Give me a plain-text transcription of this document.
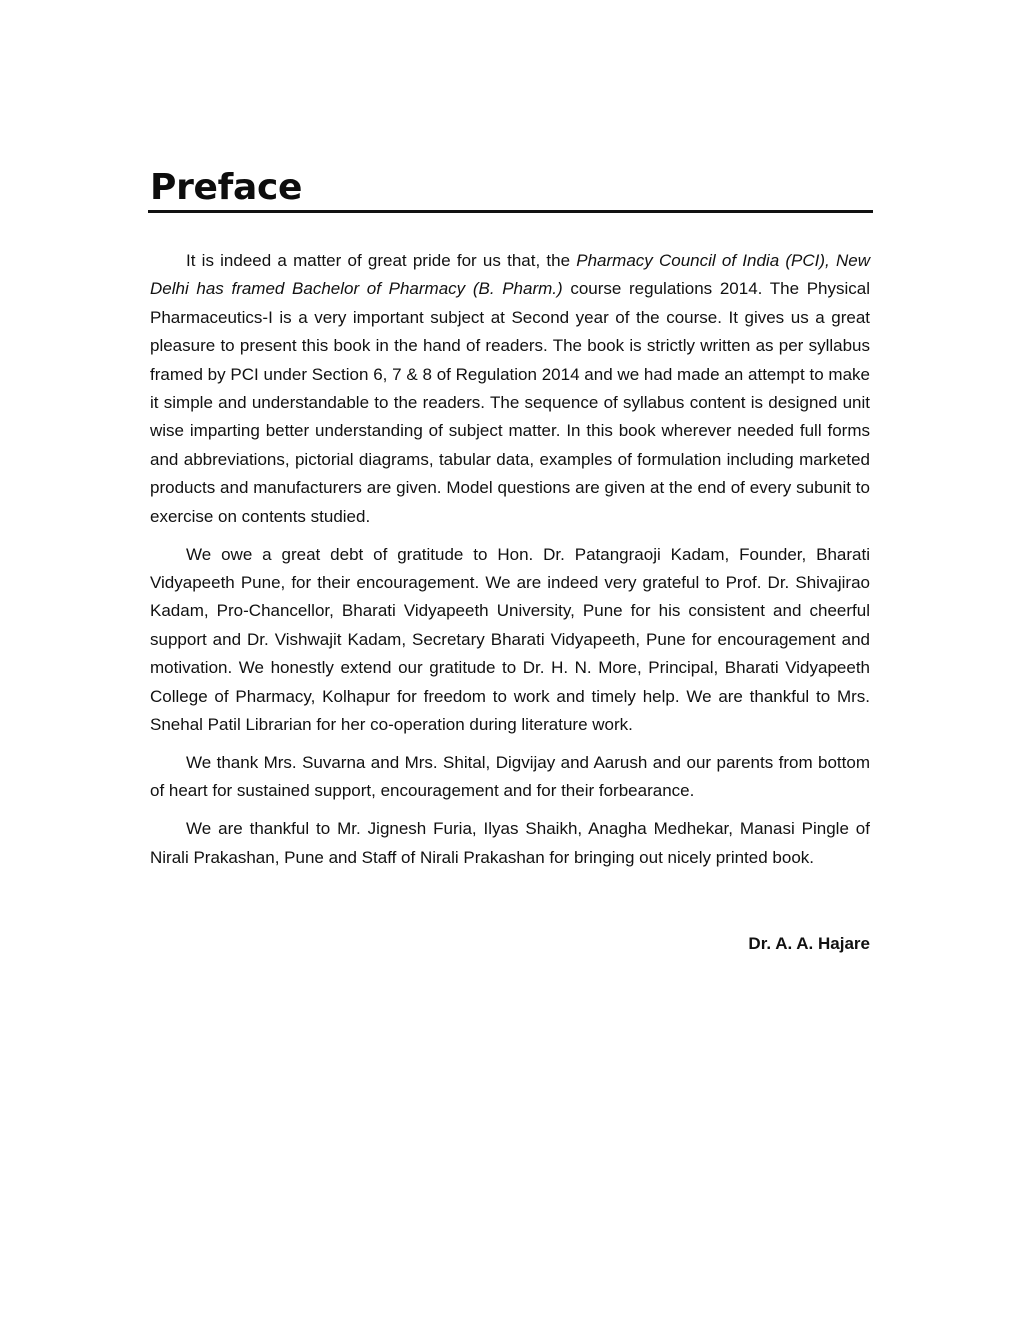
Preface

It is indeed a matter of great pride for us that, the Pharmacy Council of India (PCI), New Delhi has framed Bachelor of Pharmacy (B. Pharm.) course regulations 2014. The Physical Pharmaceutics-I is a very important subject at Second year of the course. It gives us a great pleasure to present this book in the hand of readers. The book is strictly written as per syllabus framed by PCI under Section 6, 7 & 8 of Regulation 2014 and we had made an attempt to make it simple and understandable to the readers. The sequence of syllabus content is designed unit wise imparting better understanding of subject matter. In this book wherever needed full forms and abbreviations, pictorial diagrams, tabular data, examples of formulation including marketed products and manufacturers are given. Model questions are given at the end of every subunit to exercise on contents studied.

We owe a great debt of gratitude to Hon. Dr. Patangraoji Kadam, Founder, Bharati Vidyapeeth Pune, for their encouragement. We are indeed very grateful to Prof. Dr. Shivajirao Kadam, Pro-Chancellor, Bharati Vidyapeeth University, Pune for his consistent and cheerful support and Dr. Vishwajit Kadam, Secretary Bharati Vidyapeeth, Pune for encouragement and motivation. We honestly extend our gratitude to Dr. H. N. More, Principal, Bharati Vidyapeeth College of Pharmacy, Kolhapur for freedom to work and timely help. We are thankful to Mrs. Snehal Patil Librarian for her co-operation during literature work.

We thank Mrs. Suvarna and Mrs. Shital, Digvijay and Aarush and our parents from bottom of heart for sustained support, encouragement and for their forbearance.

We are thankful to Mr. Jignesh Furia, Ilyas Shaikh, Anagha Medhekar, Manasi Pingle of Nirali Prakashan, Pune and Staff of Nirali Prakashan for bringing out nicely printed book.

Dr. A. A. Hajare
